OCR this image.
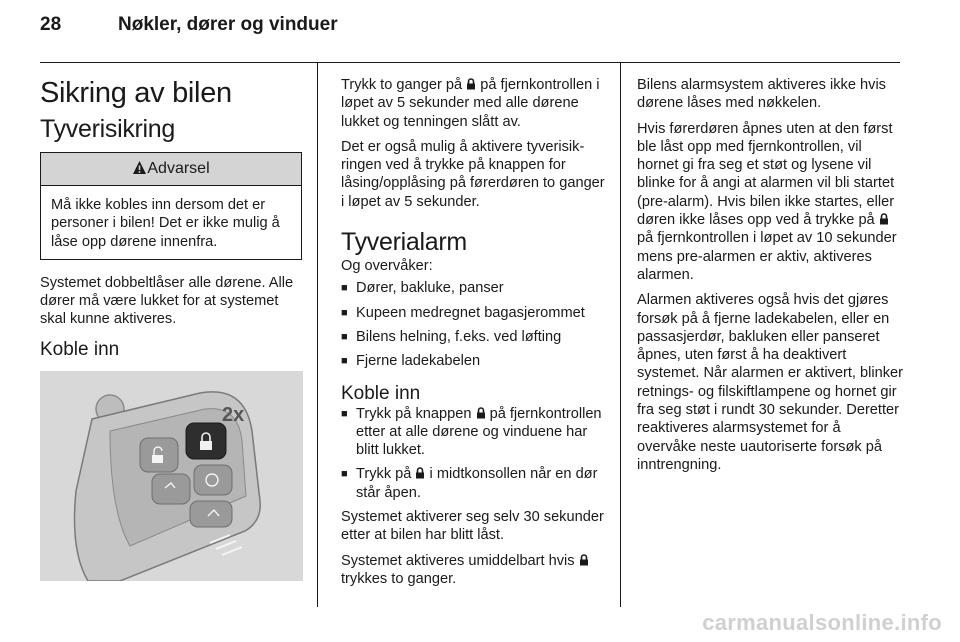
28	Nøkler, dører og vinduer
Sikring av bilen
Tyverisikring
Advarsel
Må ikke kobles inn dersom det er personer i bilen! Det er ikke mulig å låse opp dørene innenfra.

Systemet dobbeltlåser alle dørene. Alle dører må være lukket for at systemet skal kunne aktiveres.

Koble inn
2x

Trykk to ganger på på fjernkontrollen i løpet av 5 sekunder med alle dørene lukket og tenningen slått av.

Det er også mulig å aktivere tyverisikringen ved å trykke på knappen for låsing/opplåsing på førerdøren to ganger i løpet av 5 sekunder.

Tyverialarm

Og overvåker:

■ Dører, bakluke, panser
■ Kupeen medregnet bagasjerommet
■ Bilens helning, f.eks. ved løfting
■ Fjerne ladekabelen
Koble inn
■ Trykk på knappen på fjernkontrollen etter at alle dørene og vinduene har blitt lukket.
■ Trykk på i midtkonsollen når en dør står åpen.

Systemet aktiverer seg selv 30 sekunder etter at bilen har blitt låst.

Systemet aktiveres umiddelbart hvis  trykkes to ganger.

Bilens alarmsystem aktiveres ikke hvis dørene låses med nøkkelen.

Hvis førerdøren åpnes uten at den først ble låst opp med fjernkontrollen, vil hornet gi fra seg et støt og lysene vil blinke for å angi at alarmen vil bli startet (pre-alarm). Hvis bilen ikke startes, eller døren ikke låses opp ved å trykke på  på fjernkontrollen i løpet av 10 sekunder mens pre-alarmen er aktiv, aktiveres alarmen.

Alarmen aktiveres også hvis det gjøres forsøk på å fjerne ladekabelen, eller en passasjerdør, bakluken eller panseret åpnes, uten først å ha deaktivert systemet. Når alarmen er aktivert, blinker retnings- og filskiftlampene og hornet gir fra seg støt i rundt 30 sekunder. Deretter reaktiveres alarmsystemet for å overvåke neste uautoriserte forsøk på inntrengning.

carmanualsonline.info
